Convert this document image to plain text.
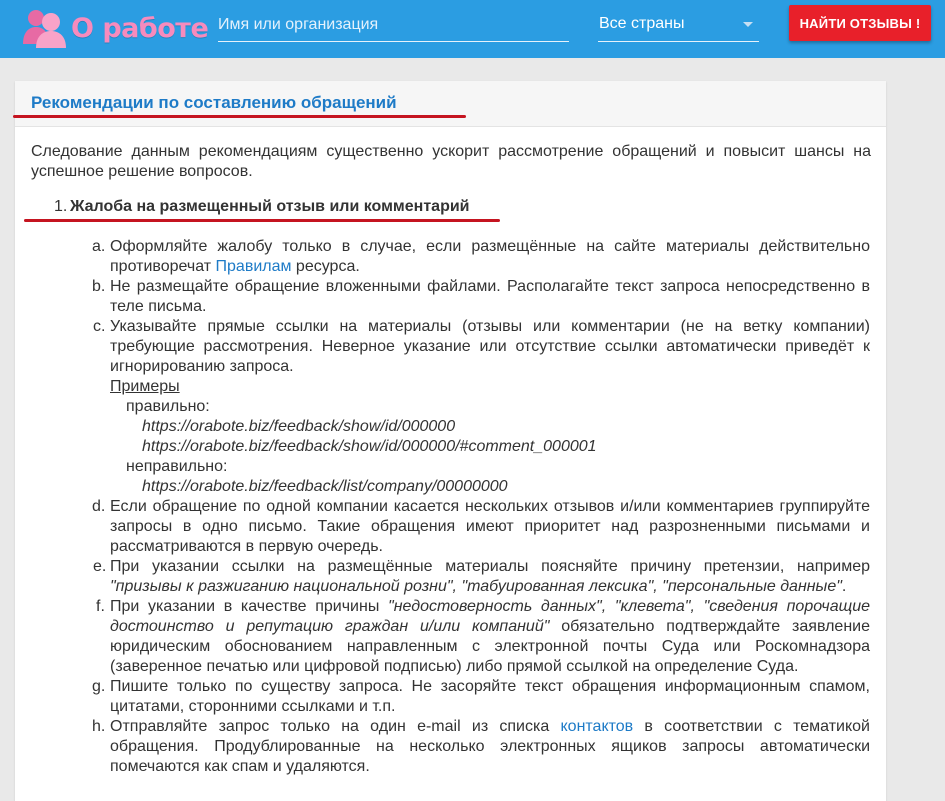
О работе
Имя или организация	Все страны	НАЙТИ ОТЗЫВЫ !
Рекомендации по составлению обращений
Следование данным рекомендациям существенно ускорит рассмотрение обращений и повысит шансы на успешное решение вопросов.
1. Жалоба на размещенный отзыв или комментарий
a. Оформляйте жалобу только в случае, если размещённые на сайте материалы действительно противоречат Правилам ресурса.
b. Не размещайте обращение вложенными файлами. Располагайте текст запроса непосредственно в теле письма.
c. Указывайте прямые ссылки на материалы (отзывы или комментарии (не на ветку компании) требующие рассмотрения. Неверное указание или отсутствие ссылки автоматически приведёт к игнорированию запроса.
Примеры
правильно:
https://orabote.biz/feedback/show/id/000000
https://orabote.biz/feedback/show/id/000000/#comment_000001
неправильно:
https://orabote.biz/feedback/list/company/00000000
d. Если обращение по одной компании касается нескольких отзывов и/или комментариев группируйте запросы в одно письмо. Такие обращения имеют приоритет над разрозненными письмами и рассматриваются в первую очередь.
e. При указании ссылки на размещённые материалы поясняйте причину претензии, например "призывы к разжиганию национальной розни", "табуированная лексика", "персональные данные".
f. При указании в качестве причины "недостоверность данных", "клевета", "сведения порочащие достоинство и репутацию граждан и/или компаний" обязательно подтверждайте заявление юридическим обоснованием направленным с электронной почты Суда или Роскомнадзора (заверенное печатью или цифровой подписью) либо прямой ссылкой на определение Суда.
g. Пишите только по существу запроса. Не засоряйте текст обращения информационным спамом, цитатами, сторонними ссылками и т.п.
h. Отправляйте запрос только на один e-mail из списка контактов в соответствии с тематикой обращения. Продублированные на несколько электронных ящиков запросы автоматически помечаются как спам и удаляются.
